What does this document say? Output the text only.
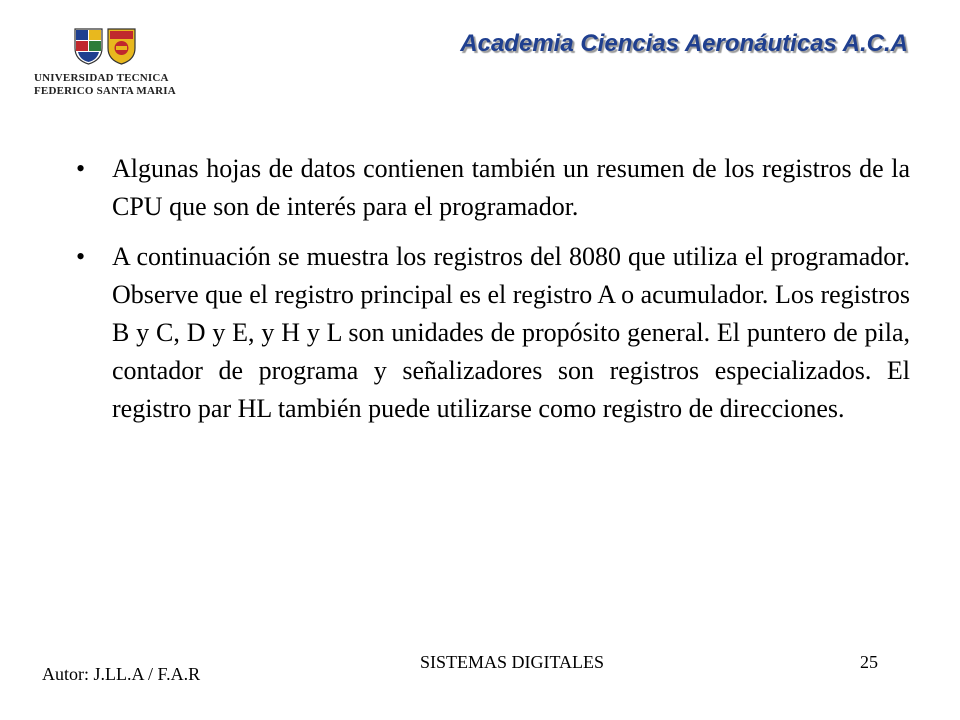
UNIVERSIDAD TECNICA
FEDERICO SANTA MARIA
Academia Ciencias Aeronáuticas A.C.A
• Algunas hojas de datos contienen también un resumen de los registros de la CPU que son de interés para el programador.
• A continuación se muestra los registros del 8080 que utiliza el programador. Observe que el registro principal es el registro A o acumulador. Los registros B y C, D y E, y H y L son unidades de propósito general. El puntero de pila, contador de programa y señalizadores son registros especializados. El registro par HL también puede utilizarse como registro de direcciones.
Autor: J.LL.A / F.A.R
SISTEMAS DIGITALES	25
